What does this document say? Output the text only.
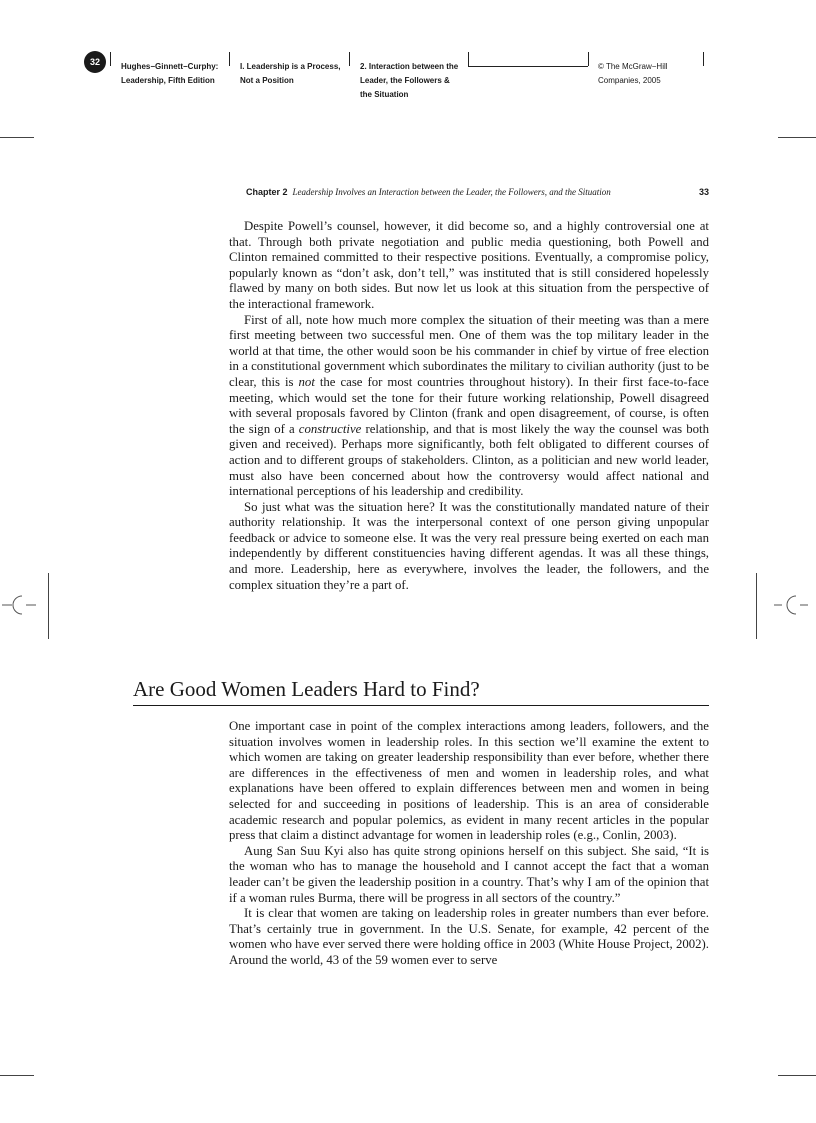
32	Hughes−Ginnett−Curphy:
Leadership, Fifth Edition
I. Leadership is a Process,
Not a Position
2. Interaction between the
Leader, the Followers &
the Situation
© The McGraw−Hill
Companies, 2005
Chapter 2 Leadership Involves an Interaction between the Leader, the Followers, and the Situation	33

Despite Powell’s counsel, however, it did become so, and a highly controversial one at that. Through both private negotiation and public media questioning, both Powell and Clinton remained committed to their respective positions. Eventually, a compromise policy, popularly known as “don’t ask, don’t tell,” was instituted that is still considered hopelessly flawed by many on both sides. But now let us look at this situation from the perspective of the interactional framework.

First of all, note how much more complex the situation of their meeting was than a mere first meeting between two successful men. One of them was the top military leader in the world at that time, the other would soon be his commander in chief by virtue of free election in a constitutional government which subordinates the military to civilian authority (just to be clear, this is not the case for most countries throughout history). In their first face-to-face meeting, which would set the tone for their future working relationship, Powell disagreed with several proposals favored by Clinton (frank and open disagreement, of course, is often the sign of a constructive relationship, and that is most likely the way the counsel was both given and received). Perhaps more significantly, both felt obligated to different courses of action and to different groups of stakeholders. Clinton, as a politician and new world leader, must also have been concerned about how the controversy would affect national and international perceptions of his leadership and credibility.

So just what was the situation here? It was the constitutionally mandated nature of their authority relationship. It was the interpersonal context of one person giving unpopular feedback or advice to someone else. It was the very real pressure being exerted on each man independently by different constituencies having different agendas. It was all these things, and more. Leadership, here as everywhere, involves the leader, the followers, and the complex situation they’re a part of.

Are Good Women Leaders Hard to Find?

One important case in point of the complex interactions among leaders, followers, and the situation involves women in leadership roles. In this section we’ll examine the extent to which women are taking on greater leadership responsibility than ever before, whether there are differences in the effectiveness of men and women in leadership roles, and what explanations have been offered to explain differences between men and women in being selected for and succeeding in positions of leadership. This is an area of considerable academic research and popular polemics, as evident in many recent articles in the popular press that claim a distinct advantage for women in leadership roles (e.g., Conlin, 2003).

Aung San Suu Kyi also has quite strong opinions herself on this subject. She said, “It is the woman who has to manage the household and I cannot accept the fact that a woman leader can’t be given the leadership position in a country. That’s why I am of the opinion that if a woman rules Burma, there will be progress in all sectors of the country.”

It is clear that women are taking on leadership roles in greater numbers than ever before. That’s certainly true in government. In the U.S. Senate, for example, 42 percent of the women who have ever served there were holding office in 2003 (White House Project, 2002). Around the world, 43 of the 59 women ever to serve
